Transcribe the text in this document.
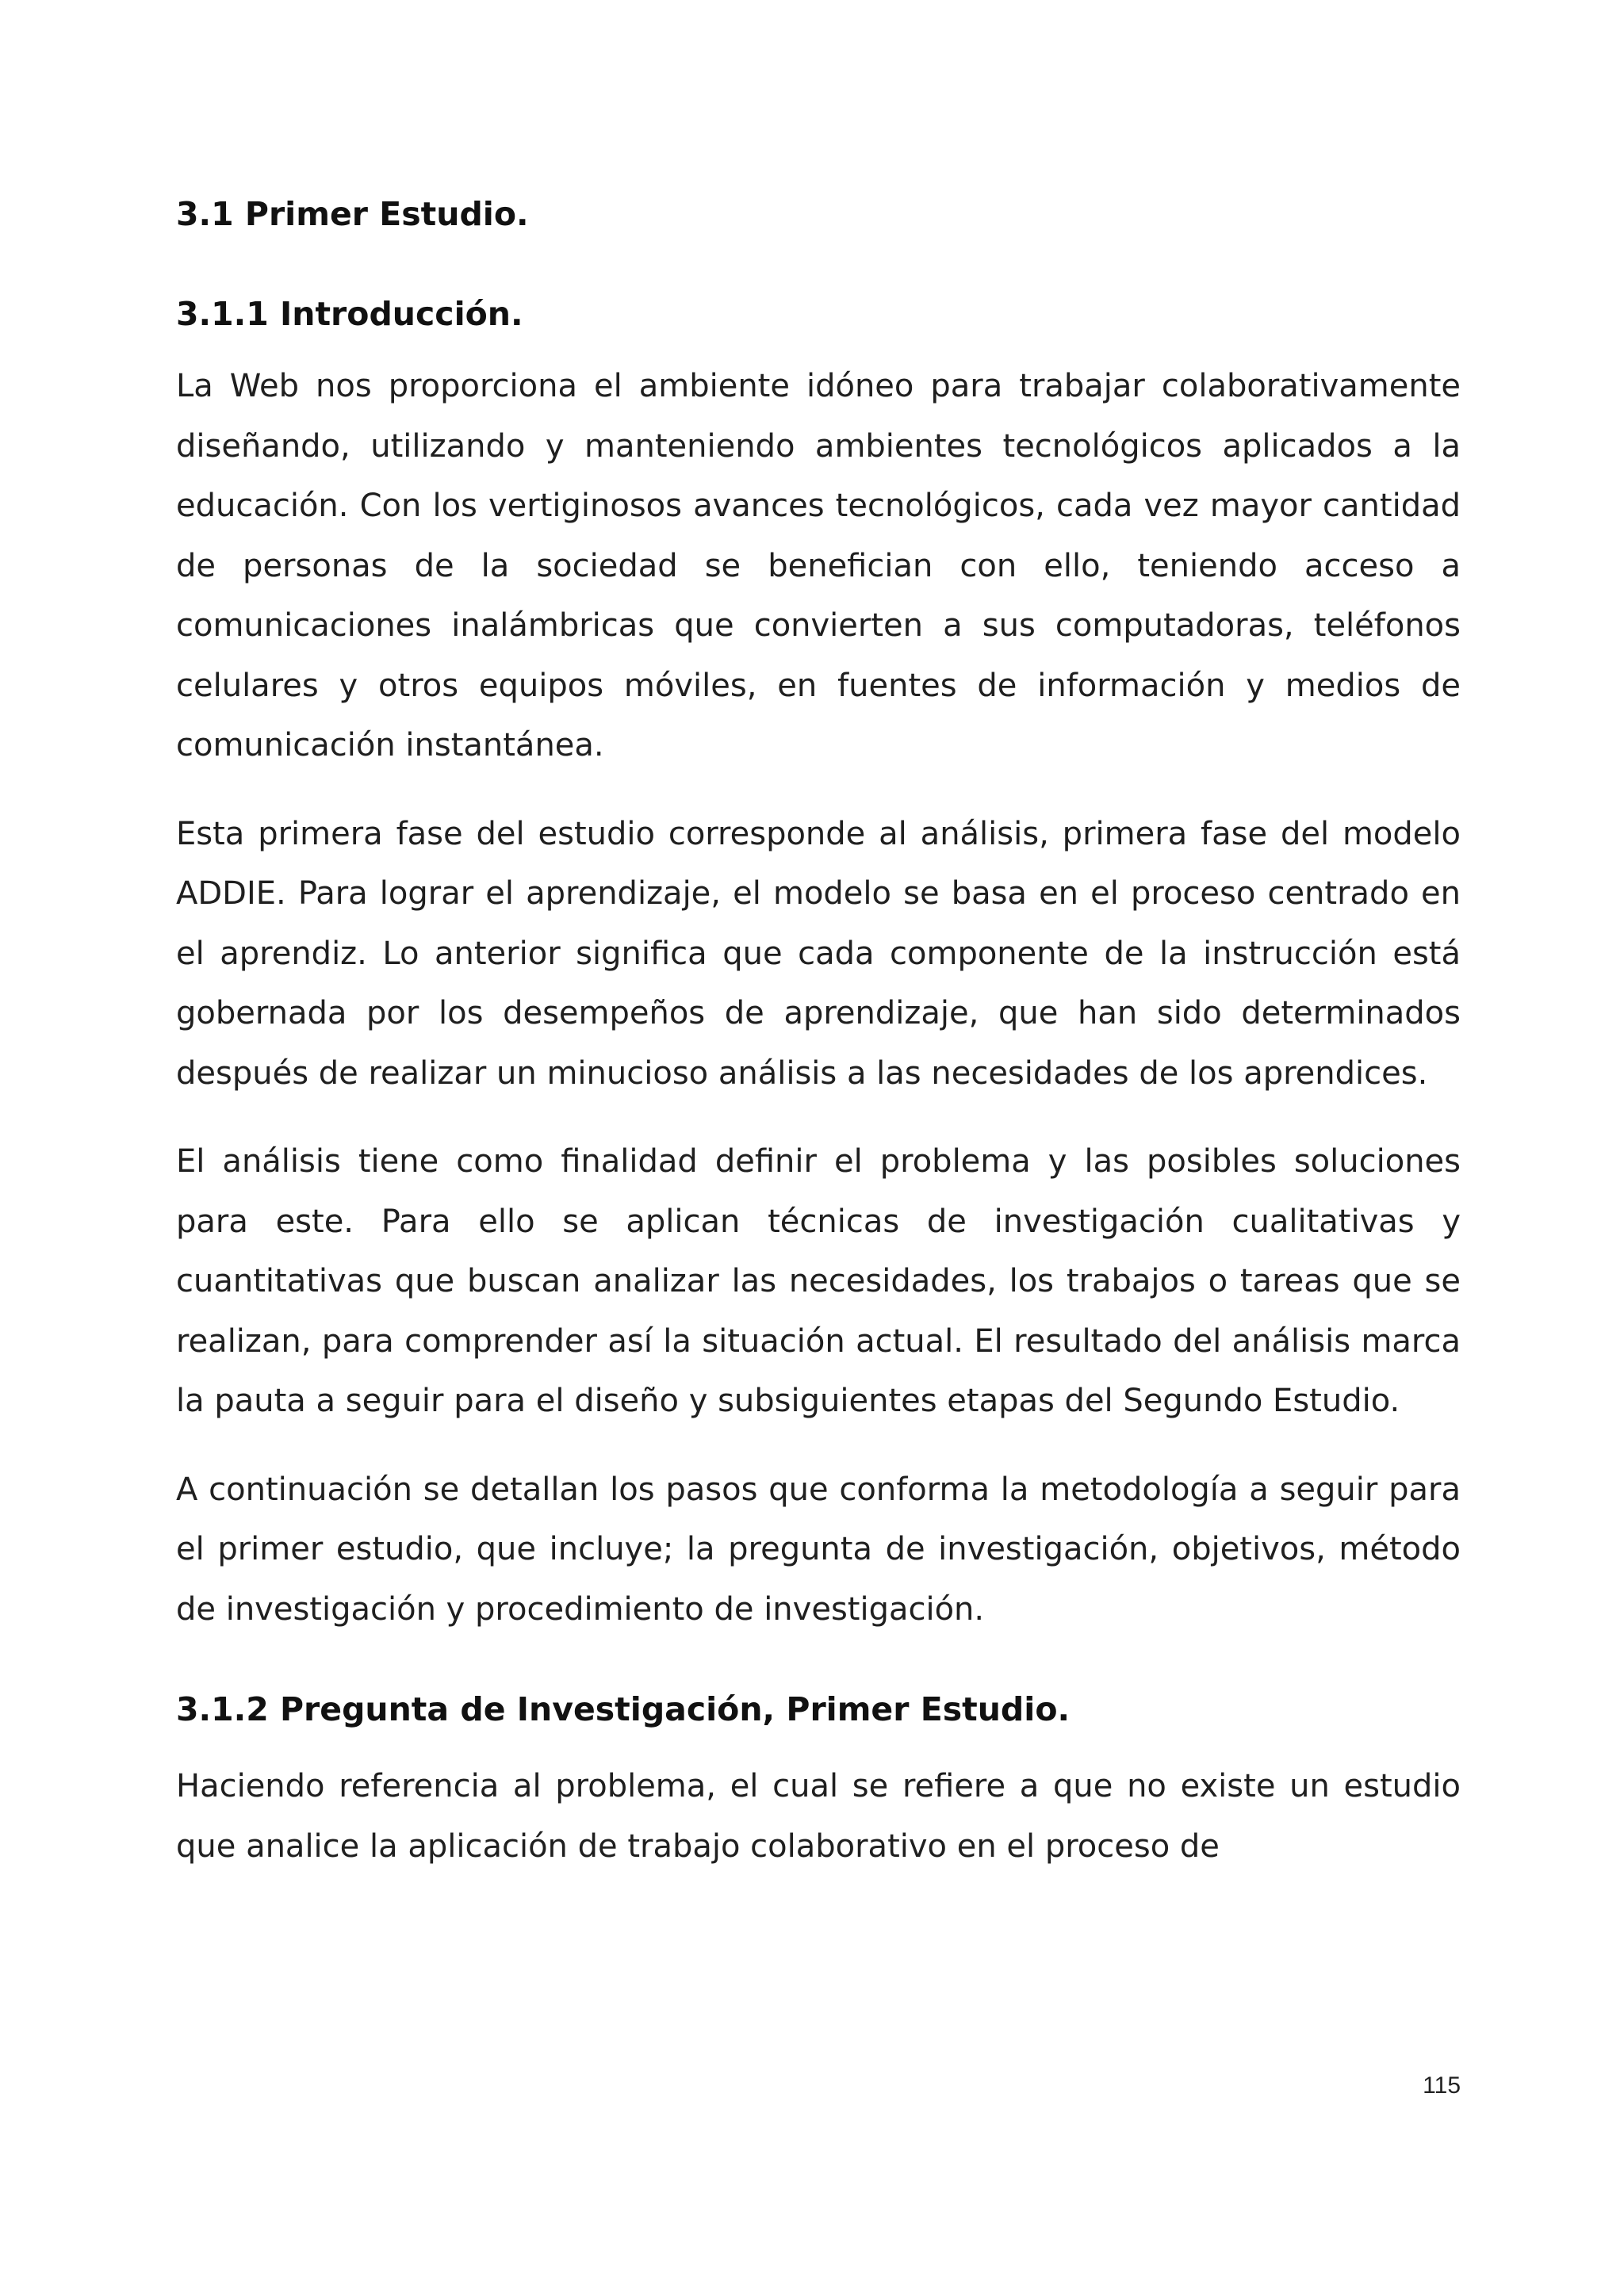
3.1 Primer Estudio.
3.1.1 Introducción.

La Web nos proporciona el ambiente idóneo para trabajar colaborativamente diseñando, utilizando y manteniendo ambientes tecnológicos aplicados a la educación. Con los vertiginosos avances tecnológicos, cada vez mayor cantidad de personas de la sociedad se benefician con ello, teniendo acceso a comunicaciones inalámbricas que convierten a sus computadoras, teléfonos celulares y otros equipos móviles, en fuentes de información y medios de comunicación instantánea.

Esta primera fase del estudio corresponde al análisis, primera fase del modelo ADDIE. Para lograr el aprendizaje, el modelo se basa en el proceso centrado en el aprendiz. Lo anterior significa que cada componente de la instrucción está gobernada por los desempeños de aprendizaje, que han sido determinados después de realizar un minucioso análisis a las necesidades de los aprendices.

El análisis tiene como finalidad definir el problema y las posibles soluciones para este. Para ello se aplican técnicas de investigación cualitativas y cuantitativas que buscan analizar las necesidades, los trabajos o tareas que se realizan, para comprender así la situación actual. El resultado del análisis marca la pauta a seguir para el diseño y subsiguientes etapas del Segundo Estudio.

A continuación se detallan los pasos que conforma la metodología a seguir para el primer estudio, que incluye; la pregunta de investigación, objetivos, método de investigación y procedimiento de investigación.

3.1.2 Pregunta de Investigación, Primer Estudio.

Haciendo referencia al problema, el cual se refiere a que no existe un estudio que analice la aplicación de trabajo colaborativo en el proceso de

115
